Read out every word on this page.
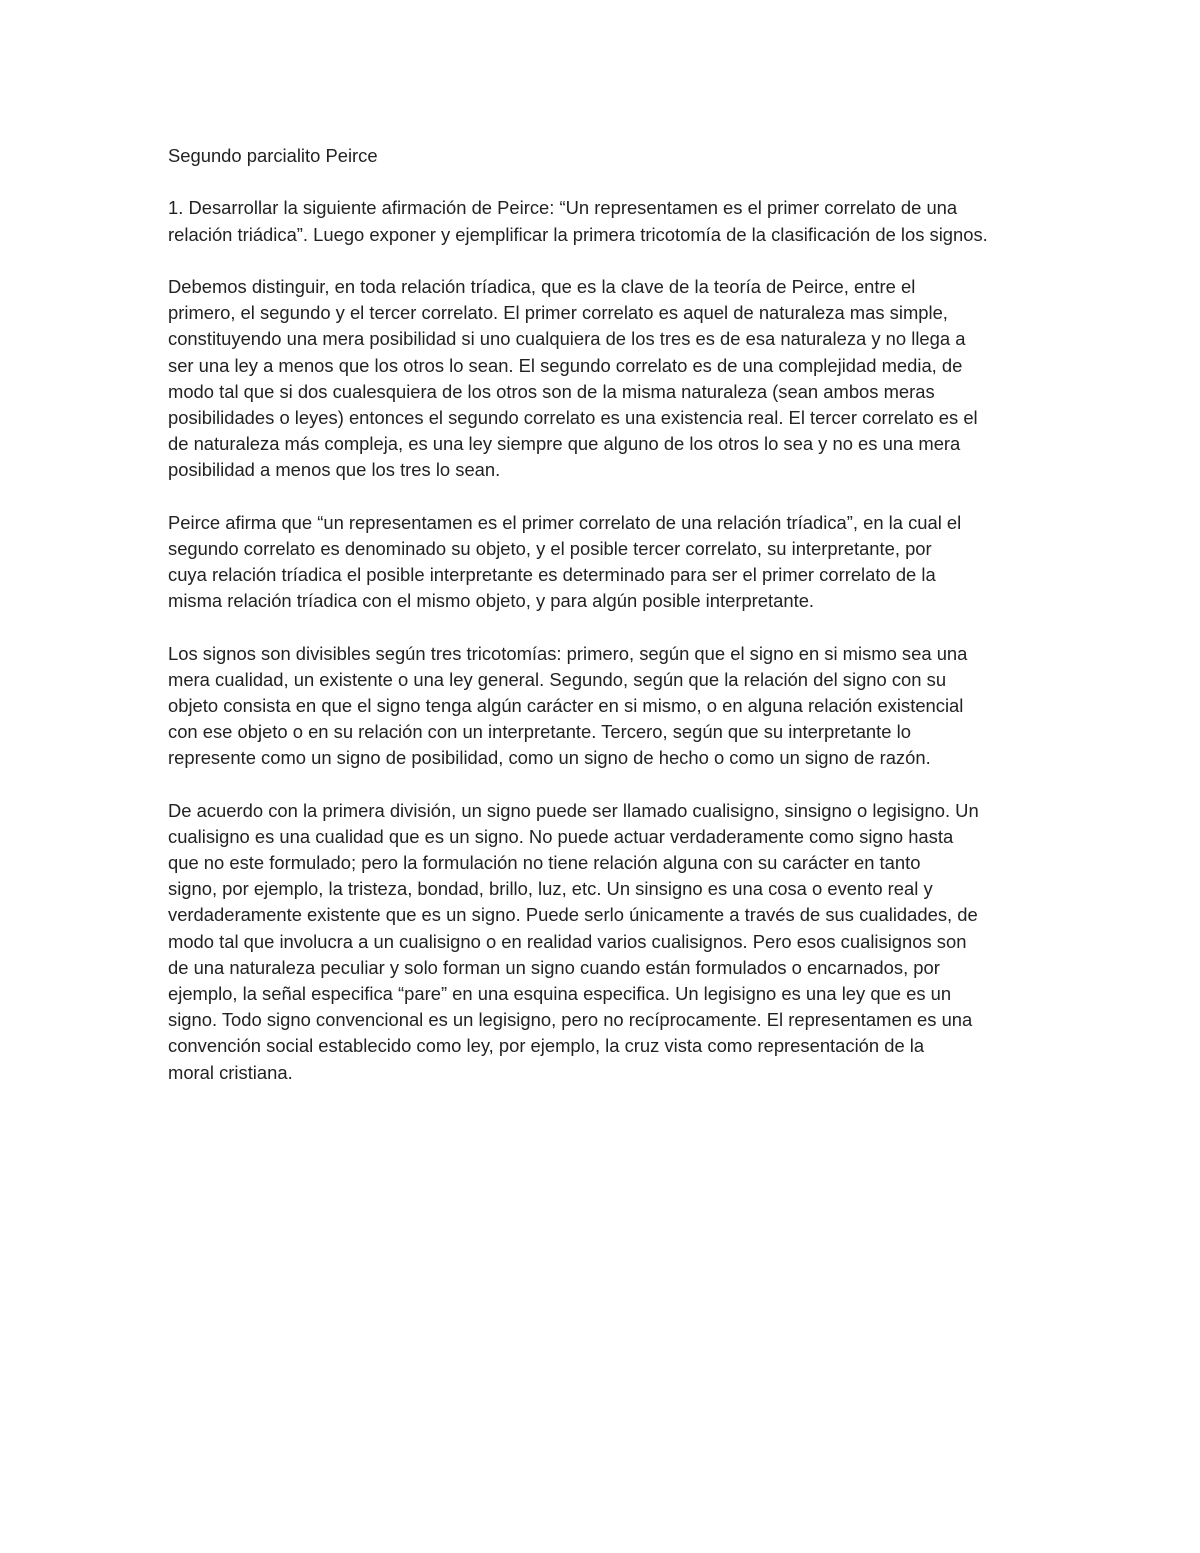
Segundo parcialito Peirce
1. Desarrollar la siguiente afirmación de Peirce: “Un representamen es el primer correlato de una
relación triádica”. Luego exponer y ejemplificar la primera tricotomía de la clasificación de los signos.
Debemos distinguir, en toda relación tríadica, que es la clave de la teoría de Peirce, entre el
primero, el segundo y el tercer correlato. El primer correlato es aquel de naturaleza mas simple,
constituyendo una mera posibilidad si uno cualquiera de los tres es de esa naturaleza y no llega a
ser una ley a menos que los otros lo sean. El segundo correlato es de una complejidad media, de
modo tal que si dos cualesquiera de los otros son de la misma naturaleza (sean ambos meras
posibilidades o leyes) entonces el segundo correlato es una existencia real. El tercer correlato es el
de naturaleza más compleja, es una ley siempre que alguno de los otros lo sea y no es una mera
posibilidad a menos que los tres lo sean.
Peirce afirma que “un representamen es el primer correlato de una relación tríadica”, en la cual el
segundo correlato es denominado su objeto, y el posible tercer correlato, su interpretante, por
cuya relación tríadica el posible interpretante es determinado para ser el primer correlato de la
misma relación tríadica con el mismo objeto, y para algún posible interpretante.
Los signos son divisibles según tres tricotomías: primero, según que el signo en si mismo sea una
mera cualidad, un existente o una ley general. Segundo, según que la relación del signo con su
objeto consista en que el signo tenga algún carácter en si mismo, o en alguna relación existencial
con ese objeto o en su relación con un interpretante. Tercero, según que su interpretante lo
represente como un signo de posibilidad, como un signo de hecho o como un signo de razón.
De acuerdo con la primera división, un signo puede ser llamado cualisigno, sinsigno o legisigno. Un
cualisigno es una cualidad que es un signo. No puede actuar verdaderamente como signo hasta
que no este formulado; pero la formulación no tiene relación alguna con su carácter en tanto
signo, por ejemplo, la tristeza, bondad, brillo, luz, etc. Un sinsigno es una cosa o evento real y
verdaderamente existente que es un signo. Puede serlo únicamente a través de sus cualidades, de
modo tal que involucra a un cualisigno o en realidad varios cualisignos. Pero esos cualisignos son
de una naturaleza peculiar y solo forman un signo cuando están formulados o encarnados, por
ejemplo, la señal especifica “pare” en una esquina especifica. Un legisigno es una ley que es un
signo. Todo signo convencional es un legisigno, pero no recíprocamente. El representamen es una
convención social establecido como ley, por ejemplo, la cruz vista como representación de la
moral cristiana.
